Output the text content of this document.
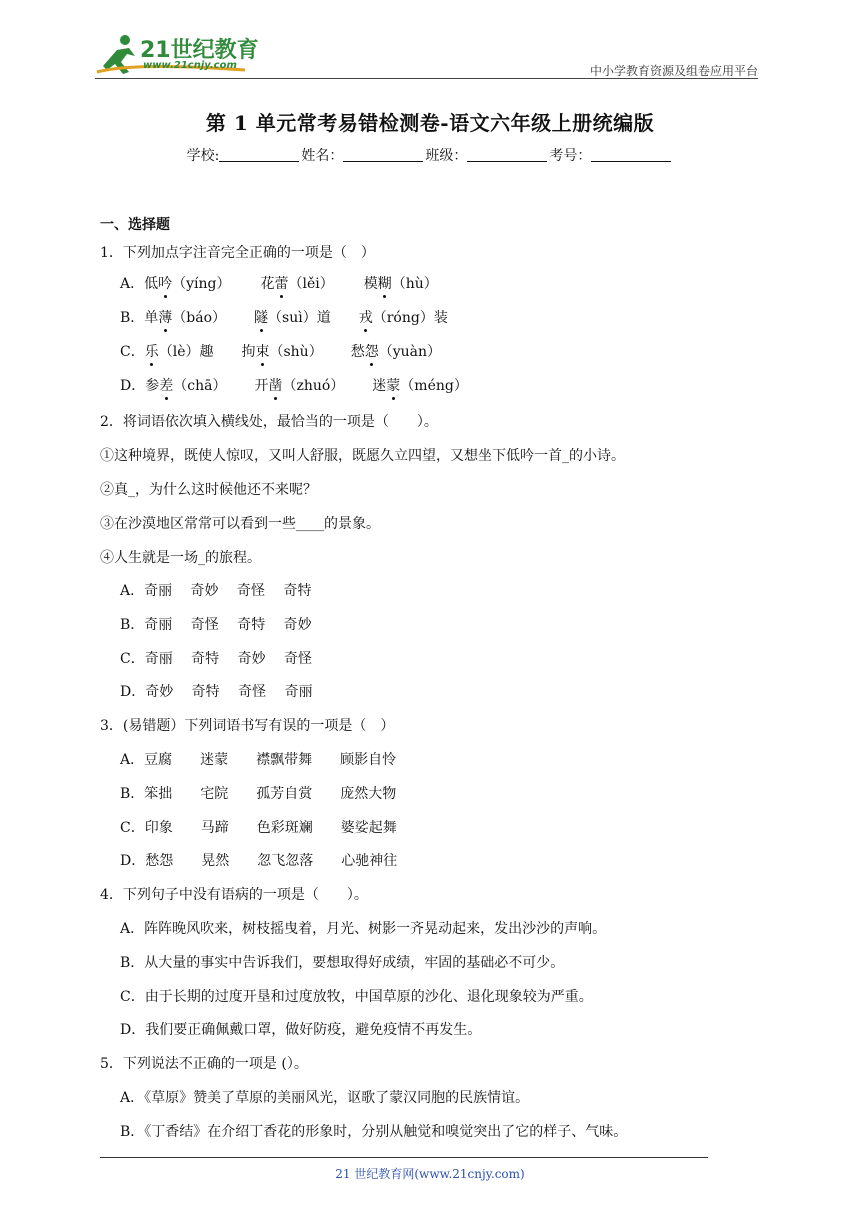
21世纪教育
www.21cnjy.com	中小学教育资源及组卷应用平台
第 1 单元常考易错检测卷-语文六年级上册统编版
学校:	姓名：	班级：	考号：
一、选择题
1．下列加点字注音完全正确的一项是（　）
A．低吟（yíng） 花蕾（lěi） 模糊（hù）
B．单薄（báo） 隧（suì）道 戎（róng）装
C．乐（lè）趣 拘束（shù） 愁怨（yuàn）
D．参差（chā） 开凿（zhuó） 迷蒙（méng）
2．将词语依次填入横线处，最恰当的一项是（　　）。
①这种境界，既使人惊叹，又叫人舒服，既愿久立四望，又想坐下低吟一首_的小诗。
②真_，为什么这时候他还不来呢？
③在沙漠地区常常可以看到一些____的景象。
④人生就是一场_的旅程。
A．奇丽　 奇妙　 奇怪　 奇特
B．奇丽　 奇怪　 奇特　 奇妙
C．奇丽　 奇特　 奇妙　 奇怪
D．奇妙　 奇特　 奇怪　 奇丽
3．(易错题）下列词语书写有误的一项是（　）
A．豆腐　　迷蒙　　襟飘带舞　　顾影自怜
B．笨拙　　宅院　　孤芳自赏　　庞然大物
C．印象　　马蹄　　色彩斑斓　　婆娑起舞
D．愁怨　　晃然　　忽飞忽落　　心驰神往
4．下列句子中没有语病的一项是（　　）。
A．阵阵晚风吹来，树枝摇曳着，月光、树影一齐晃动起来，发出沙沙的声响。
B．从大量的事实中告诉我们，要想取得好成绩，牢固的基础必不可少。
C．由于长期的过度开垦和过度放牧，中国草原的沙化、退化现象较为严重。
D．我们要正确佩戴口罩，做好防疫，避免疫情不再发生。
5．下列说法不正确的一项是 (）。
A．《草原》赞美了草原的美丽风光，讴歌了蒙汉同胞的民族情谊。
B．《丁香结》在介绍丁香花的形象时，分别从触觉和嗅觉突出了它的样子、气味。
21 世纪教育网(www.21cnjy.com)
